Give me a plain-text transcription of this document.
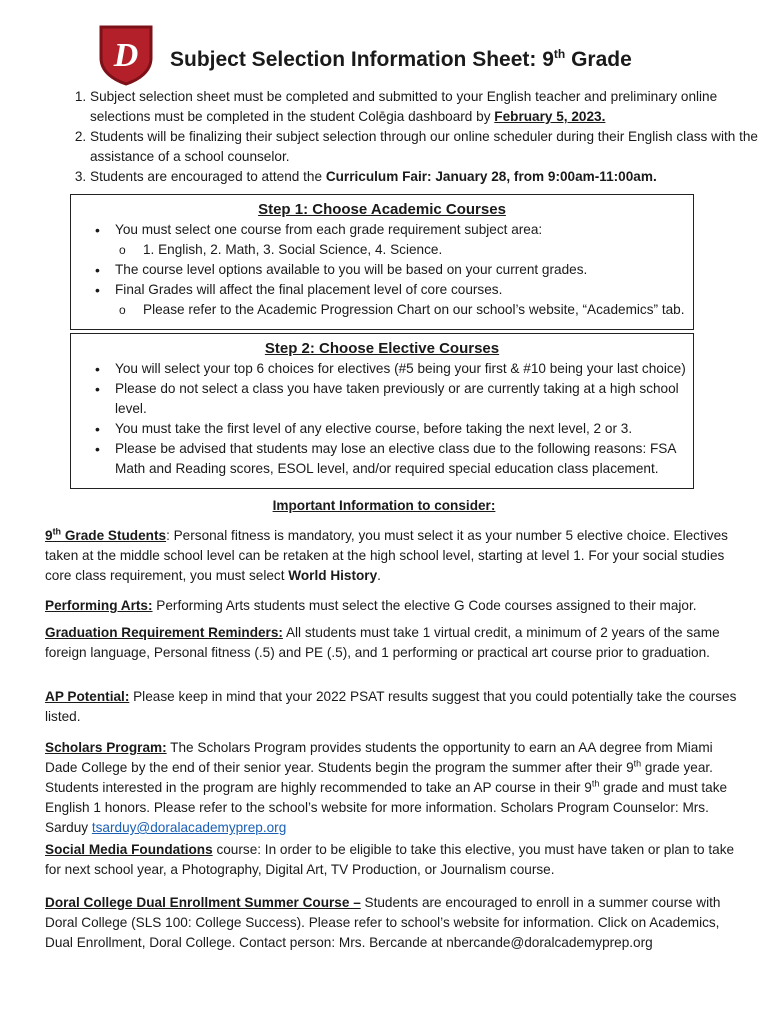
D Subject Selection Information Sheet: 9th Grade
1. Subject selection sheet must be completed and submitted to your English teacher and preliminary online selections must be completed in the student Colēgia dashboard by February 5, 2023.
2. Students will be finalizing their subject selection through our online scheduler during their English class with the assistance of a school counselor.
3. Students are encouraged to attend the Curriculum Fair: January 28, from 9:00am-11:00am.
Step 1: Choose Academic Courses
• You must select one course from each grade requirement subject area:
o 1. English, 2. Math, 3. Social Science, 4. Science.
• The course level options available to you will be based on your current grades.
• Final Grades will affect the final placement level of core courses.
o Please refer to the Academic Progression Chart on our school’s website, “Academics” tab.
Step 2: Choose Elective Courses
• You will select your top 6 choices for electives (#5 being your first & #10 being your last choice)
• Please do not select a class you have taken previously or are currently taking at a high school level.
• You must take the first level of any elective course, before taking the next level, 2 or 3.
• Please be advised that students may lose an elective class due to the following reasons: FSA Math and Reading scores, ESOL level, and/or required special education class placement.
Important Information to consider:

9th Grade Students: Personal fitness is mandatory, you must select it as your number 5 elective choice. Electives taken at the middle school level can be retaken at the high school level, starting at level 1. For your social studies core class requirement, you must select World History.

Performing Arts: Performing Arts students must select the elective G Code courses assigned to their major.

Graduation Requirement Reminders: All students must take 1 virtual credit, a minimum of 2 years of the same foreign language, Personal fitness (.5) and PE (.5), and 1 performing or practical art course prior to graduation.

AP Potential: Please keep in mind that your 2022 PSAT results suggest that you could potentially take the courses listed.

Scholars Program: The Scholars Program provides students the opportunity to earn an AA degree from Miami Dade College by the end of their senior year. Students begin the program the summer after their 9th grade year. Students interested in the program are highly recommended to take an AP course in their 9th grade and must take English 1 honors. Please refer to the school’s website for more information. Scholars Program Counselor: Mrs. Sarduy tsarduy@doralacademyprep.org

Social Media Foundations course: In order to be eligible to take this elective, you must have taken or plan to take for next school year, a Photography, Digital Art, TV Production, or Journalism course.

Doral College Dual Enrollment Summer Course – Students are encouraged to enroll in a summer course with Doral College (SLS 100: College Success). Please refer to school’s website for information. Click on Academics, Dual Enrollment, Doral College. Contact person: Mrs. Bercande at nbercande@doralcademyprep.org
